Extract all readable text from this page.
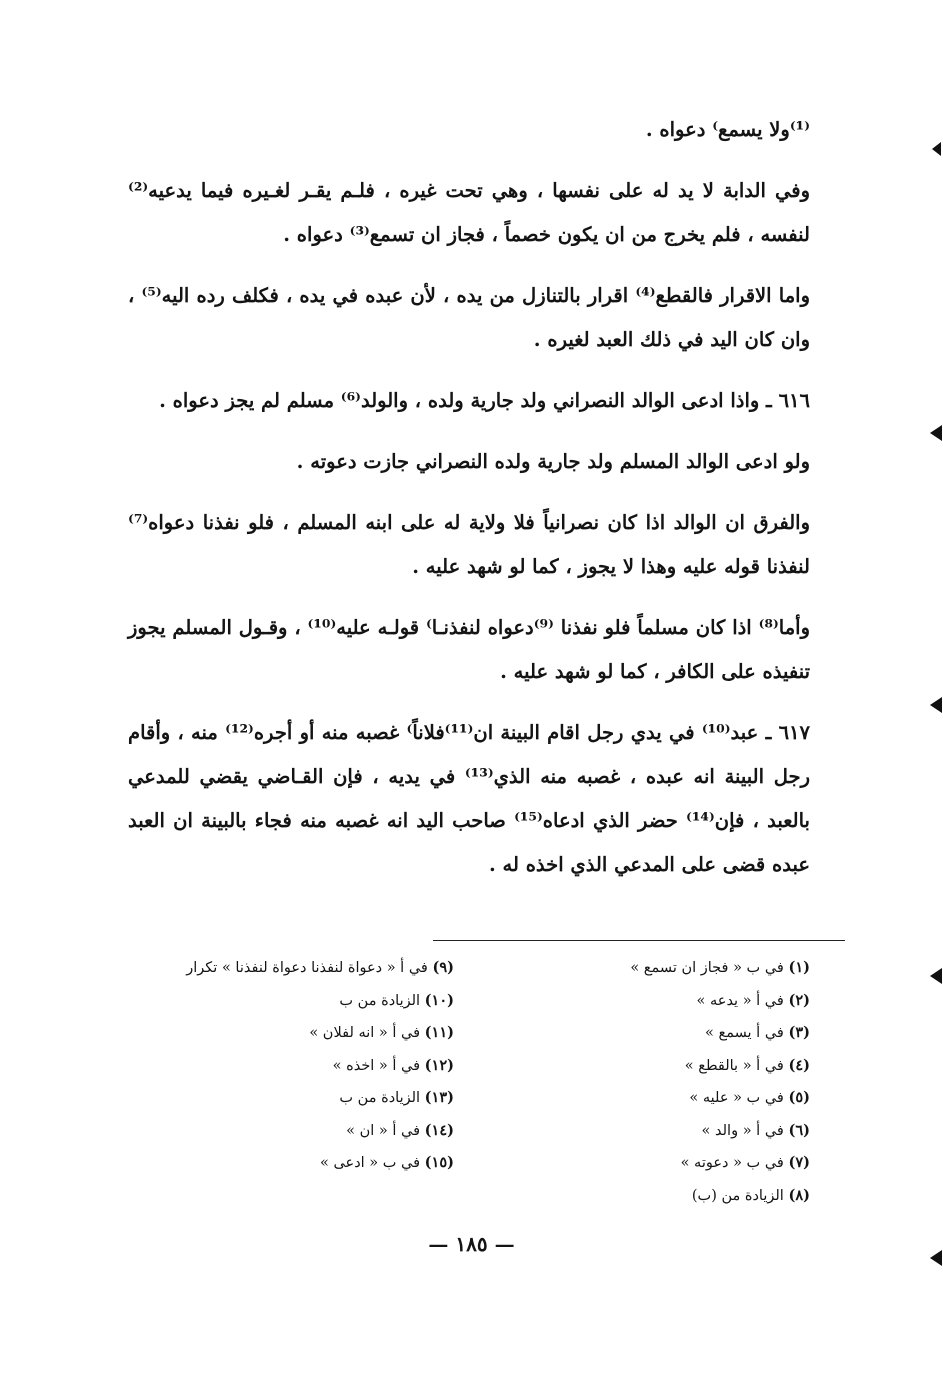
⁽¹⁾ولا يسمع⁾ دعواه .

وفي الدابة لا يد له على نفسها ، وهي تحت غيره ، فلـم يقـر لغـيره فيما يدعيه⁽²⁾ لنفسه ، فلم يخرج من ان يكون خصماً ، فجاز ان تسمع⁽³⁾ دعواه .

واما الاقرار فالقطع⁽⁴⁾ اقرار بالتنازل من يده ، لأن عبده في يده ، فكلف رده اليه⁽⁵⁾ ، وان كان اليد في ذلك العبد لغيره .

٦١٦ ـ واذا ادعى الوالد النصراني ولد جارية ولده ، والولد⁽⁶⁾ مسلم لم يجز دعواه .

ولو ادعى الوالد المسلم ولد جارية ولده النصراني جازت دعوته .

والفرق ان الوالد اذا كان نصرانياً فلا ولاية له على ابنه المسلم ، فلو نفذنا دعواه⁽⁷⁾ لنفذنا قوله عليه وهذا لا يجوز ، كما لو شهد عليه .

وأما⁽⁸⁾ اذا كان مسلماً فلو نفذنا ⁽⁹⁾دعواه لنفذنـا⁾ قولـه عليه⁽¹⁰⁾ ، وقـول المسلم يجوز تنفيذه على الكافر ، كما لو شهد عليه .

٦١٧ ـ عبد⁽¹⁰⁾ في يدي رجل اقام البينة ان⁽¹¹⁾فلاناً⁾ غصبه منه أو أجره⁽¹²⁾ منه ، وأقام رجل البينة انه عبده ، غصبه منه الذي⁽¹³⁾ في يديه ، فإن القـاضي يقضي للمدعي بالعبد ، فإن⁽¹⁴⁾ حضر الذي ادعاه⁽¹⁵⁾ صاحب اليد انه غصبه منه فجاء بالبينة ان العبد عبده قضى على المدعي الذي اخذه له .

(١) في ب « فجاز ان تسمع »
(٢) في أ « يدعه »
(٣) في أ يسمع »
(٤) في أ « بالقطع »
(٥) في ب « عليه »
(٦) في أ « والد »
(٧) في ب « دعوته »
(٨) الزيادة من (ب)
(٩) في أ « دعواة لنفذنا دعواة لنفذنا » تكرار
(١٠) الزيادة من ب
(١١) في أ « انه لفلان »
(١٢) في أ « اخذه »
(١٣) الزيادة من ب
(١٤) في أ « ان »
(١٥) في ب « ادعى »
— ١٨٥ —
